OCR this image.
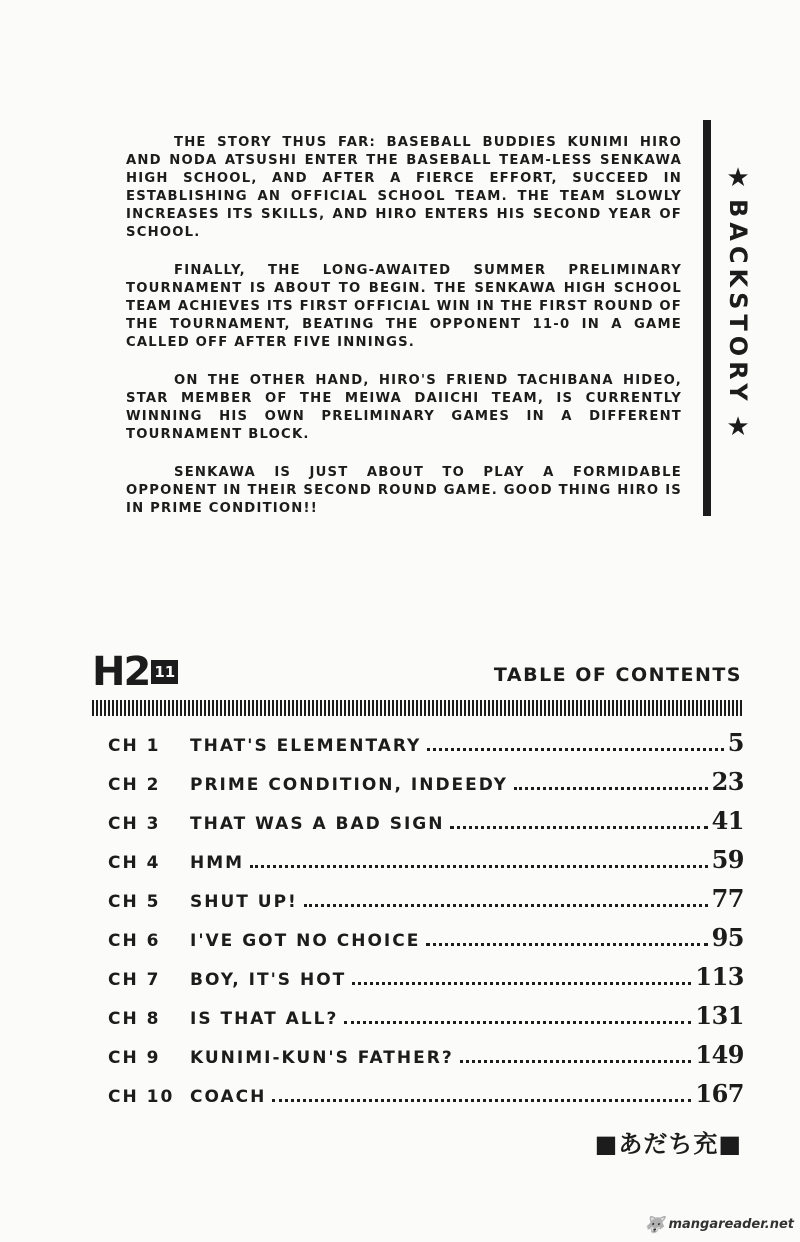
THE STORY THUS FAR: BASEBALL BUDDIES KUNIMI HIRO AND NODA ATSUSHI ENTER THE BASEBALL TEAM-LESS SENKAWA HIGH SCHOOL, AND AFTER A FIERCE EFFORT, SUCCEED IN ESTABLISHING AN OFFICIAL SCHOOL TEAM. THE TEAM SLOWLY INCREASES ITS SKILLS, AND HIRO ENTERS HIS SECOND YEAR OF SCHOOL.

FINALLY, THE LONG-AWAITED SUMMER PRELIMINARY TOURNAMENT IS ABOUT TO BEGIN. THE SENKAWA HIGH SCHOOL TEAM ACHIEVES ITS FIRST OFFICIAL WIN IN THE FIRST ROUND OF THE TOURNAMENT, BEATING THE OPPONENT 11-0 IN A GAME CALLED OFF AFTER FIVE INNINGS.

ON THE OTHER HAND, HIRO'S FRIEND TACHIBANA HIDEO, STAR MEMBER OF THE MEIWA DAIICHI TEAM, IS CURRENTLY WINNING HIS OWN PRELIMINARY GAMES IN A DIFFERENT TOURNAMENT BLOCK.

SENKAWA IS JUST ABOUT TO PLAY A FORMIDABLE OPPONENT IN THEIR SECOND ROUND GAME. GOOD THING HIRO IS IN PRIME CONDITION!!

★
BACKSTORY
★
H2 11	TABLE OF CONTENTS
CH 1	THAT'S ELEMENTARY	5
CH 2	PRIME CONDITION, INDEEDY	23
CH 3	THAT WAS A BAD SIGN	41
CH 4	HMM	59
CH 5	SHUT UP!	77
CH 6	I'VE GOT NO CHOICE	95
CH 7	BOY, IT'S HOT	113
CH 8	IS THAT ALL?	131
CH 9	KUNIMI-KUN'S FATHER?	149
CH 10 COACH	167
■あだち充■
🐺 mangareader.net
